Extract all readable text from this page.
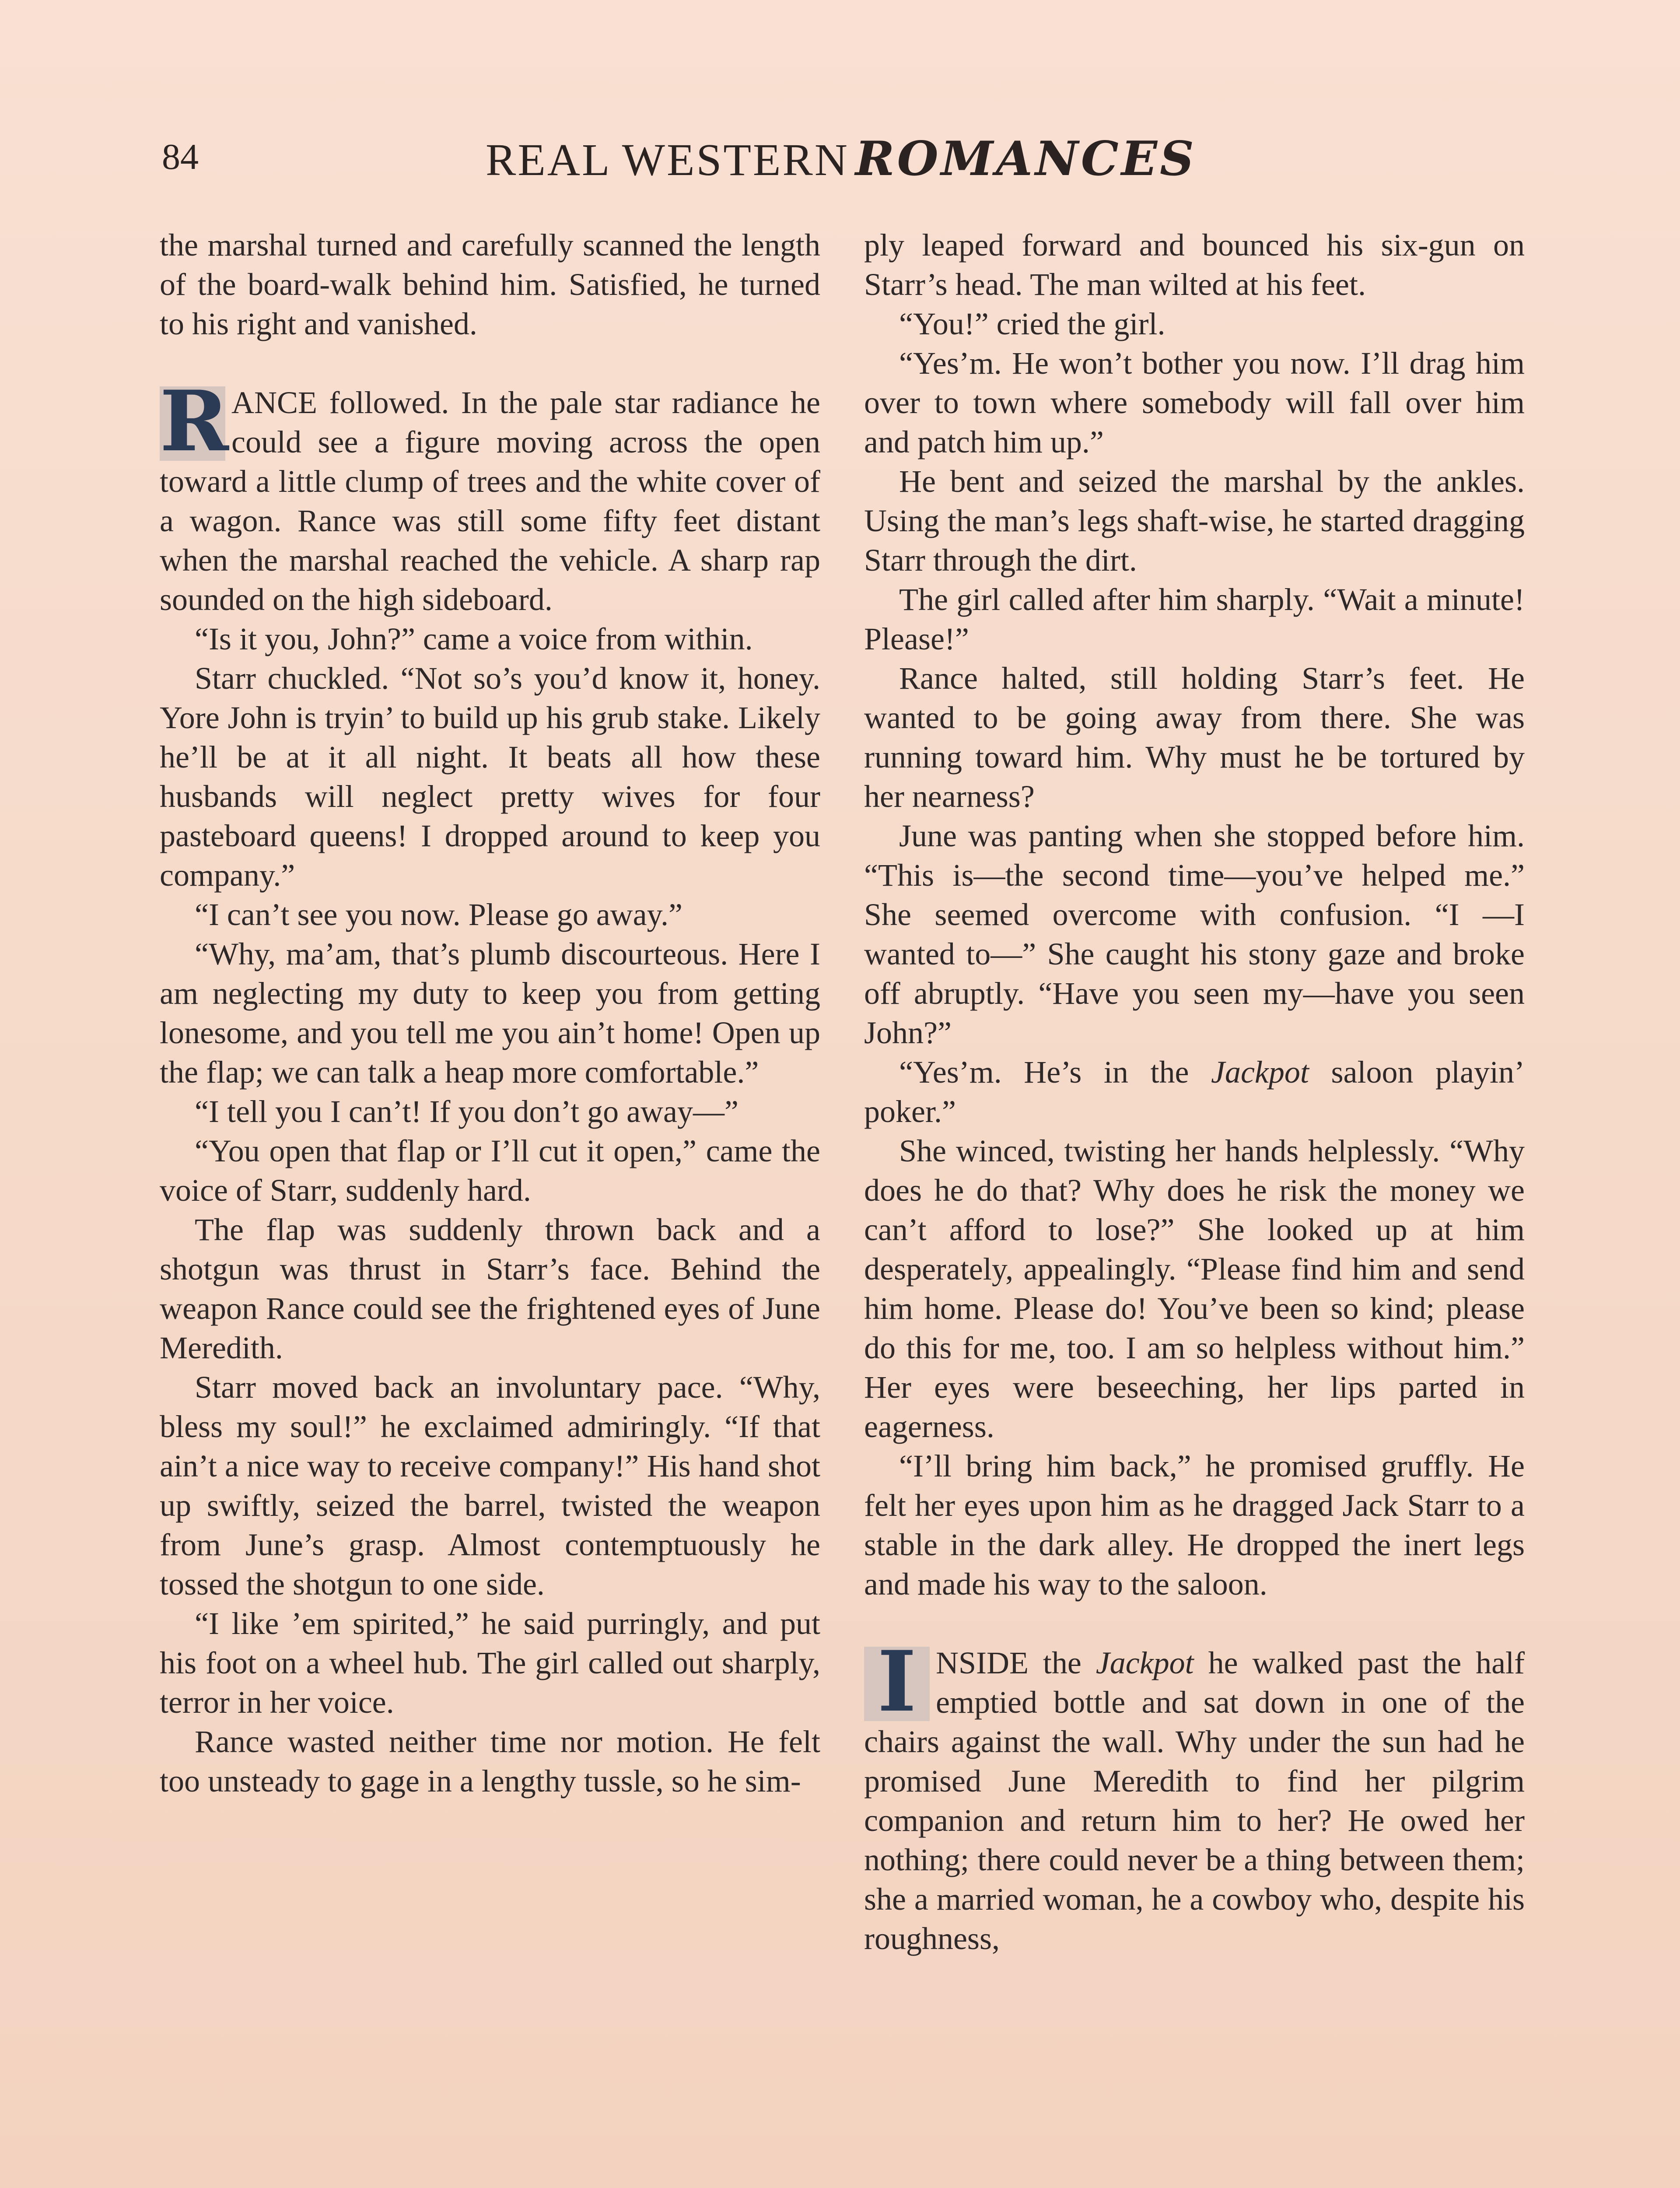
84	REAL WESTERN ROMANCES

the marshal turned and carefully scanned the length of the board-walk behind him. Satisfied, he turned to his right and vanished.

R ANCE followed. In the pale star radiance he could see a figure moving across the open toward a little clump of trees and the white cover of a wagon. Rance was still some fifty feet distant when the marshal reached the vehicle. A sharp rap sounded on the high sideboard.

“Is it you, John?” came a voice from within.

Starr chuckled. “Not so’s you’d know it, honey. Yore John is tryin’ to build up his grub stake. Likely he’ll be at it all night. It beats all how these husbands will neglect pretty wives for four pasteboard queens! I dropped around to keep you company.”

“I can’t see you now. Please go away.”

“Why, ma’am, that’s plumb discourteous. Here I am neglecting my duty to keep you from getting lonesome, and you tell me you ain’t home! Open up the flap; we can talk a heap more comfortable.”

“I tell you I can’t! If you don’t go away—”

“You open that flap or I’ll cut it open,” came the voice of Starr, suddenly hard.

The flap was suddenly thrown back and a shotgun was thrust in Starr’s face. Behind the weapon Rance could see the frightened eyes of June Meredith.

Starr moved back an involuntary pace. “Why, bless my soul!” he exclaimed admiringly. “If that ain’t a nice way to receive company!” His hand shot up swiftly, seized the barrel, twisted the weapon from June’s grasp. Almost contemptuously he tossed the shotgun to one side.

“I like ’em spirited,” he said purringly, and put his foot on a wheel hub. The girl called out sharply, terror in her voice.

Rance wasted neither time nor motion. He felt too unsteady to gage in a lengthy tussle, so he sim-

ply leaped forward and bounced his six-gun on Starr’s head. The man wilted at his feet.

“You!” cried the girl.

“Yes’m. He won’t bother you now. I’ll drag him over to town where somebody will fall over him and patch him up.”

He bent and seized the marshal by the ankles. Using the man’s legs shaft-wise, he started dragging Starr through the dirt.

The girl called after him sharply. “Wait a minute! Please!”

Rance halted, still holding Starr’s feet. He wanted to be going away from there. She was running toward him. Why must he be tortured by her nearness?

June was panting when she stopped before him. “This is—the second time—you’ve helped me.” She seemed overcome with confusion. “I —I wanted to—” She caught his stony gaze and broke off abruptly. “Have you seen my—have you seen John?”

“Yes’m. He’s in the Jackpot saloon playin’ poker.”

She winced, twisting her hands helplessly. “Why does he do that? Why does he risk the money we can’t afford to lose?” She looked up at him desperately, appealingly. “Please find him and send him home. Please do! You’ve been so kind; please do this for me, too. I am so helpless without him.” Her eyes were beseeching, her lips parted in eagerness.

“I’ll bring him back,” he promised gruffly. He felt her eyes upon him as he dragged Jack Starr to a stable in the dark alley. He dropped the inert legs and made his way to the saloon.

I NSIDE the Jackpot he walked past the half emptied bottle and sat down in one of the chairs against the wall. Why under the sun had he promised June Meredith to find her pilgrim companion and return him to her? He owed her nothing; there could never be a thing between them; she a married woman, he a cowboy who, despite his roughness,
